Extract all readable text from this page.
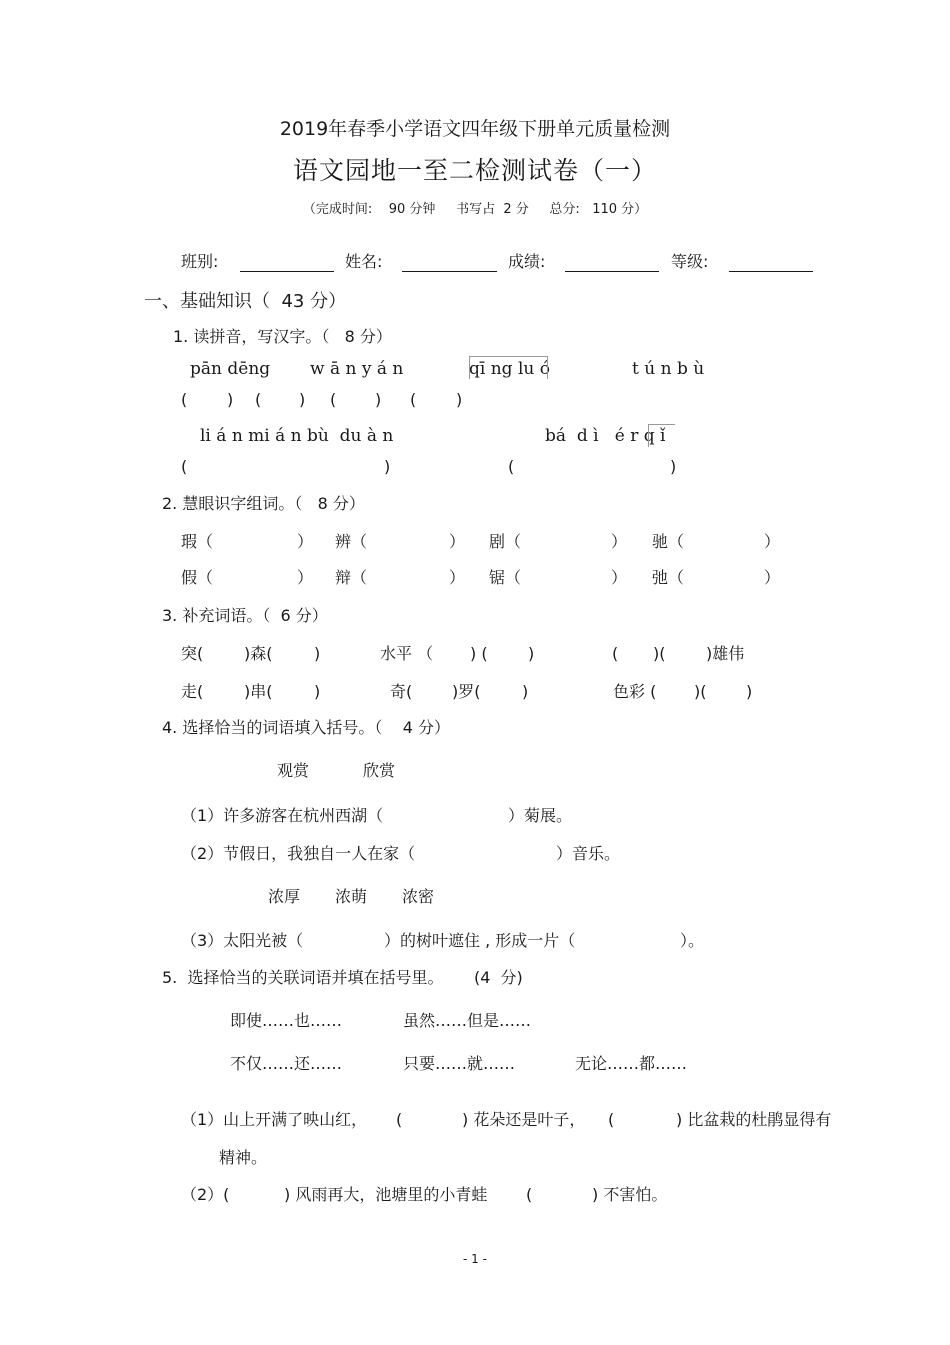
2019年春季小学语文四年级下册单元质量检测
语文园地一至二检测试卷（一）
（完成时间:    90 分钟     书写占  2 分     总分:   110 分）
班别:	姓名:	成绩:	等级:
一、基础知识（  43 分）
1. 读拼音，写汉字。（   8 分）
pān dēng w ā n y á n	qī ng lu ó	t ú n b ù
( ) ( ) ( ) ( )
li á n mi á n bù  du à n	bá  d ì   é r q ǐ
(	)	(	)
2. 慧眼识字组词。（   8 分）
瑕（	） 辨（	） 剧（	） 驰（	）
假（	） 辩（	） 锯（	） 弛（	）
3. 补充词语。（  6 分）
突(	)森(	)	水平 （ ) (	)	( )(	)雄伟
走(	)串(	)	奇( )罗(	)	色彩 ( )( )
4. 选择恰当的词语填入括号。（    4 分）
观赏	欣赏
（1）许多游客在杭州西湖（	）菊展。
（2）节假日，我独自一人在家（	）音乐。
浓厚 浓萌 浓密
（3）太阳光被（	）的树叶遮住 , 形成一片（	）。
5.  选择恰当的关联词语并填在括号里。      (4  分)
即使……也……	虽然……但是……
不仅……还……	只要……就……	无论……都……
（1）山上开满了映山红， (	) 花朵还是叶子， (	) 比盆栽的杜鹃显得有
精神。
（2）(	) 风雨再大，池塘里的小青蛙 (	) 不害怕。
- 1 -
